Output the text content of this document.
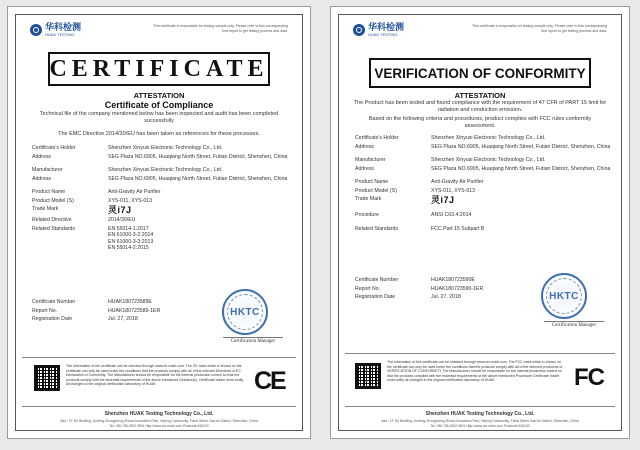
华科检测
HUAK TESTING
This certificate is responsible for testing sample only. Please refer to this corresponding test report to get testing process and data.
CERTIFICATE
ATTESTATION
Certificate of Compliance
Technical file of the company mentioned below has been inspected and audit has been completed successfully
The EMC Directive 2014/30/EU has been taken as references for these processes.
Certificate's Holder	Shenzhen Xinyusi Electronic Technology Co., Ltd.
Address	SEG Plaza NO.6905, Huaqiang North Street, Futian District, Shenzhen, China
Manufacturer	Shenzhen Xinyusi Electronic Technology Co., Ltd.
Address	SEG Plaza NO.6905, Huaqiang North Street, Futian District, Shenzhen, China
Product Name	Anti-Gravity Air Purifier
Product Model (S)	XYS-011, XYS-013
Trade Mark	灵i7J
Related Directive	2014/30/EU
Related Standards	EN 55014-1:2017
EN 61000-3-2:2014
EN 61000-3-3:2013
EN 55014-2:2015
Certificate Number	HUAK180723589E
Report No.	HUAK180723589-1ER
Registration Date	Jul. 27, 2018
HKTC
Certification Manager
The information of the certificate can be checked through www.ce-mark.com. The CE mark which is shown on the certificate can only be used under the conditions that the products comply with all of the relevant Directives of EC Declaration of Conformity. The Manufacturer should be responsible for the internal production control so that the products comply with the essential requirements of the above mentioned Directive(s). Certificate holder must notify all changes to the original certification laboratory of HUAK.	CE
Shenzhen HUAK Testing Technology Co., Ltd.
Add.: 1F, B2 Building, Junfeng Zhongcheng Zhizao Innovation Park, Heping Community, Fuhai Street, Bao'an District, Shenzhen, China
Tel.:+86-755-2302 9901 Http://www.cer-mark.com Postcode:518103
华科检测
HUAK TESTING
This certificate is responsible for testing sample only. Please refer to this corresponding test report to get testing process and data.
VERIFICATION OF CONFORMITY
ATTESTATION
The Product has been tested and found compliance with the requirement of 47 CFR of PART 15 limit for radiation and conduction emission.
Based on the following criteria and procedures, product complies with FCC rules conformity assessment.
Certificate's Holder	Shenzhen Xinyusi Electronic Technology Co., Ltd.
Address	SEG Plaza NO.6905, Huaqiang North Street, Futian District, Shenzhen, China
Manufacturer	Shenzhen Xinyusi Electronic Technology Co., Ltd.
Address	SEG Plaza NO.6905, Huaqiang North Street, Futian District, Shenzhen, China
Product Name	Anti-Gravity Air Purifier
Product Model (S)	XYS-011, XYS-013
Trade Mark	灵i7J
Procedure	ANSI C63.4:2014
Related Standards	FCC Part 15 Subpart B
Certificate Number	HUAK180723590E
Report No.	HUAK180723590-1ER
Registration Date	Jul. 27, 2018	HKTC
Certification Manager
The information of this certificate can be checked through www.cer-mark.com. The FCC mark which is shown on the certificate can only be used under the conditions that the products comply with all of the relevant provisions of VERIFICATION OF CONFORMITY The Manufacturer should be responsible for the internal production control so that the products complied with the essential requirements of the above mentioned Procedure Certificate holder must notify all changes to the original certification laboratory of HUAK.	FC
Shenzhen HUAK Testing Technology Co., Ltd.
Add.: 1F, B2 Building, Junfeng Zhongcheng Zhizao Innovation Park, Heping Community, Fuhai Street, Bao'an District, Shenzhen, China
Tel.:+86-755-2302 9901 Http://www.cer-mark.com Postcode:518103
